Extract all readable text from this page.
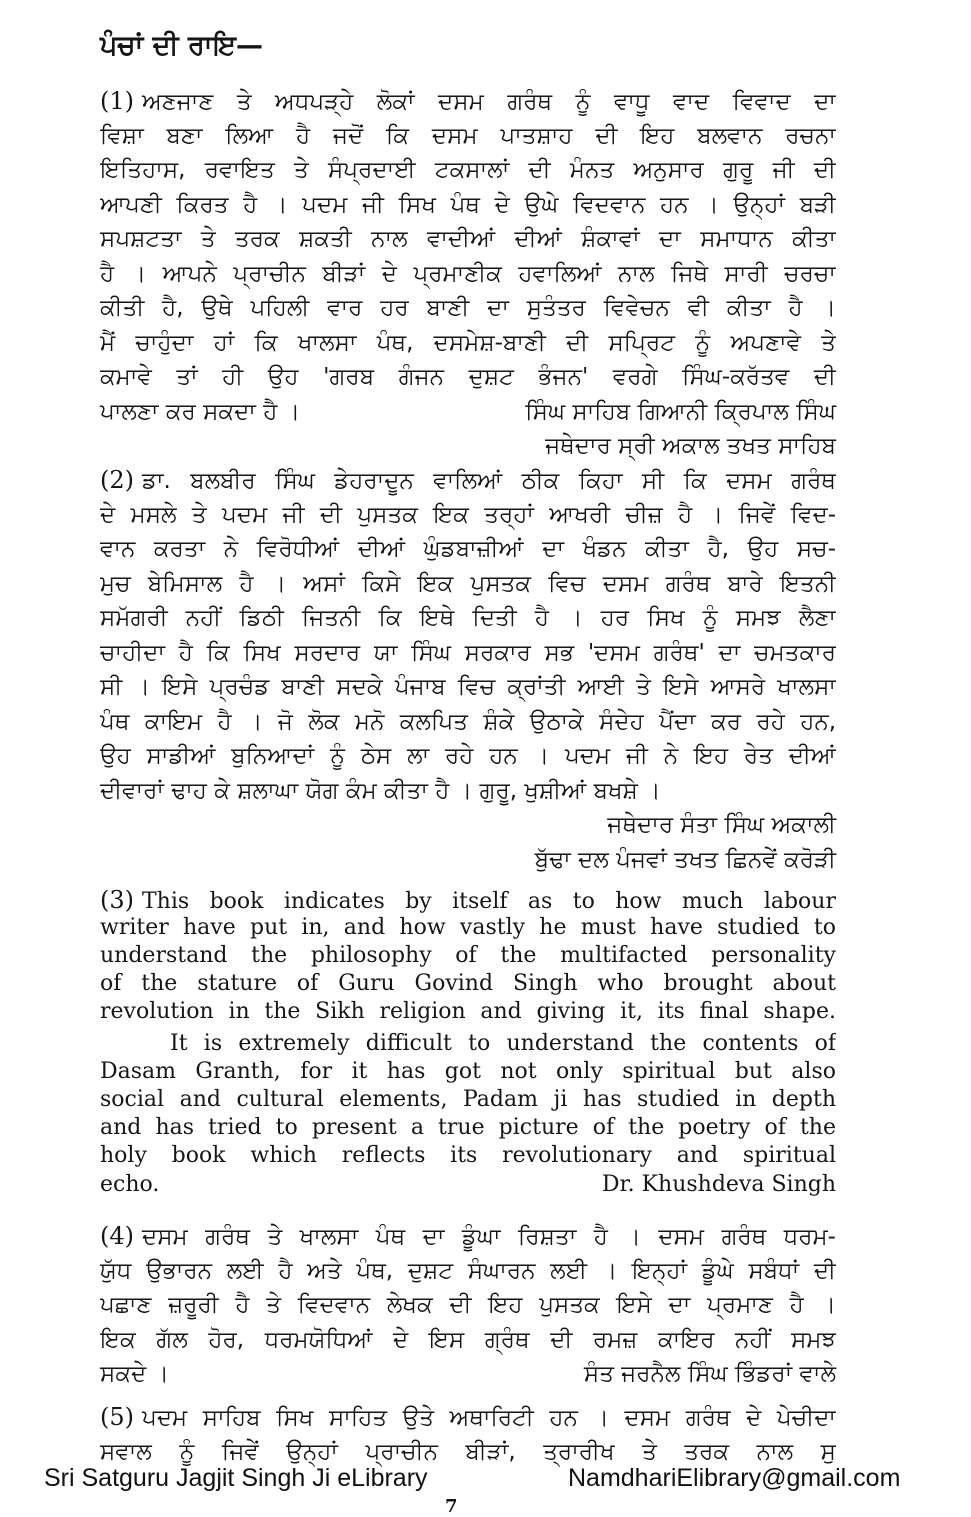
ਪੰਚਾਂ ਦੀ ਰਾਇ—
(1) ਅਣਜਾਣ ਤੇ ਅਧਪੜ੍ਹੇ ਲੋਕਾਂ ਦਸਮ ਗਰੰਥ ਨੂੰ ਵਾਧੂ ਵਾਦ ਵਿਵਾਦ ਦਾ
ਵਿਸ਼ਾ ਬਣਾ ਲਿਆ ਹੈ ਜਦੋਂ ਕਿ ਦਸਮ ਪਾਤਸ਼ਾਹ ਦੀ ਇਹ ਬਲਵਾਨ ਰਚਨਾ
ਇਤਿਹਾਸ, ਰਵਾਇਤ ਤੇ ਸੰਪ੍ਰਦਾਈ ਟਕਸਾਲਾਂ ਦੀ ਮੰਨਤ ਅਨੁਸਾਰ ਗੁਰੂ ਜੀ ਦੀ
ਆਪਣੀ ਕਿਰਤ ਹੈ । ਪਦਮ ਜੀ ਸਿਖ ਪੰਥ ਦੇ ਉਘੇ ਵਿਦਵਾਨ ਹਨ । ਉਨ੍ਹਾਂ ਬੜੀ
ਸਪਸ਼ਟਤਾ ਤੇ ਤਰਕ ਸ਼ਕਤੀ ਨਾਲ ਵਾਦੀਆਂ ਦੀਆਂ ਸ਼ੰਕਾਵਾਂ ਦਾ ਸਮਾਧਾਨ ਕੀਤਾ
ਹੈ । ਆਪਨੇ ਪ੍ਰਾਚੀਨ ਬੀੜਾਂ ਦੇ ਪ੍ਰਮਾਣੀਕ ਹਵਾਲਿਆਂ ਨਾਲ ਜਿਥੇ ਸਾਰੀ ਚਰਚਾ
ਕੀਤੀ ਹੈ, ਉਥੇ ਪਹਿਲੀ ਵਾਰ ਹਰ ਬਾਣੀ ਦਾ ਸੁਤੰਤਰ ਵਿਵੇਚਨ ਵੀ ਕੀਤਾ ਹੈ ।
ਮੈਂ ਚਾਹੁੰਦਾ ਹਾਂ ਕਿ ਖਾਲਸਾ ਪੰਥ, ਦਸਮੇਸ਼-ਬਾਣੀ ਦੀ ਸਪ੍ਰਿਟ ਨੂੰ ਅਪਣਾਵੇ ਤੇ
ਕਮਾਵੇ ਤਾਂ ਹੀ ਉਹ 'ਗਰਬ ਗੰਜਨ ਦੁਸ਼ਟ ਭੰਜਨ' ਵਰਗੇ ਸਿੰਘ-ਕਰੱਤਵ ਦੀ
ਪਾਲਣਾ ਕਰ ਸਕਦਾ ਹੈ ।	ਸਿੰਘ ਸਾਹਿਬ ਗਿਆਨੀ ਕ੍ਰਿਪਾਲ ਸਿੰਘ
ਜਥੇਦਾਰ ਸ੍ਰੀ ਅਕਾਲ ਤਖਤ ਸਾਹਿਬ
(2) ਡਾ. ਬਲਬੀਰ ਸਿੰਘ ਡੇਹਰਾਦੂਨ ਵਾਲਿਆਂ ਠੀਕ ਕਿਹਾ ਸੀ ਕਿ ਦਸਮ ਗਰੰਥ
ਦੇ ਮਸਲੇ ਤੇ ਪਦਮ ਜੀ ਦੀ ਪੁਸਤਕ ਇਕ ਤਰ੍ਹਾਂ ਆਖਰੀ ਚੀਜ਼ ਹੈ । ਜਿਵੇਂ ਵਿਦ-
ਵਾਨ ਕਰਤਾ ਨੇ ਵਿਰੋਧੀਆਂ ਦੀਆਂ ਘੁੰਡਬਾਜ਼ੀਆਂ ਦਾ ਖੰਡਨ ਕੀਤਾ ਹੈ, ਉਹ ਸਚ-
ਮੁਚ ਬੇਮਿਸਾਲ ਹੈ । ਅਸਾਂ ਕਿਸੇ ਇਕ ਪੁਸਤਕ ਵਿਚ ਦਸਮ ਗਰੰਥ ਬਾਰੇ ਇਤਨੀ
ਸਮੱਗਰੀ ਨਹੀਂ ਡਿਠੀ ਜਿਤਨੀ ਕਿ ਇਥੇ ਦਿਤੀ ਹੈ । ਹਰ ਸਿਖ ਨੂੰ ਸਮਝ ਲੈਣਾ
ਚਾਹੀਦਾ ਹੈ ਕਿ ਸਿਖ ਸਰਦਾਰ ਯਾ ਸਿੰਘ ਸਰਕਾਰ ਸਭ 'ਦਸਮ ਗਰੰਥ' ਦਾ ਚਮਤਕਾਰ
ਸੀ । ਇਸੇ ਪ੍ਰਚੰਡ ਬਾਣੀ ਸਦਕੇ ਪੰਜਾਬ ਵਿਚ ਕ੍ਰਾਂਤੀ ਆਈ ਤੇ ਇਸੇ ਆਸਰੇ ਖਾਲਸਾ
ਪੰਥ ਕਾਇਮ ਹੈ । ਜੋ ਲੋਕ ਮਨੋ ਕਲਪਿਤ ਸ਼ੰਕੇ ਉਠਾਕੇ ਸੰਦੇਹ ਪੈਂਦਾ ਕਰ ਰਹੇ ਹਨ,
ਉਹ ਸਾਡੀਆਂ ਬੁਨਿਆਦਾਂ ਨੂੰ ਠੇਸ ਲਾ ਰਹੇ ਹਨ । ਪਦਮ ਜੀ ਨੇ ਇਹ ਰੇਤ ਦੀਆਂ
ਦੀਵਾਰਾਂ ਢਾਹ ਕੇ ਸ਼ਲਾਘਾ ਯੋਗ ਕੰਮ ਕੀਤਾ ਹੈ । ਗੁਰੂ, ਖੁਸ਼ੀਆਂ ਬਖਸ਼ੇ ।
ਜਥੇਦਾਰ ਸੰਤਾ ਸਿੰਘ ਅਕਾਲੀ
ਬੁੱਢਾ ਦਲ ਪੰਜਵਾਂ ਤਖਤ ਛਿਨਵੇਂ ਕਰੋੜੀ
(3) This book indicates by itself as to how much labour
writer have put in, and how vastly he must have studied to
understand the philosophy of the multifacted personality
of the stature of Guru Govind Singh who brought about
revolution in the Sikh religion and giving it, its final shape.
It is extremely difficult to understand the contents of
Dasam Granth, for it has got not only spiritual but also
social and cultural elements, Padam ji has studied in depth
and has tried to present a true picture of the poetry of the
holy book which reflects its revolutionary and spiritual
echo.	Dr. Khushdeva Singh
(4) ਦਸਮ ਗਰੰਥ ਤੇ ਖਾਲਸਾ ਪੰਥ ਦਾ ਡੂੰਘਾ ਰਿਸ਼ਤਾ ਹੈ । ਦਸਮ ਗਰੰਥ ਧਰਮ-
ਯੁੱਧ ਉਭਾਰਨ ਲਈ ਹੈ ਅਤੇ ਪੰਥ, ਦੁਸ਼ਟ ਸੰਘਾਰਨ ਲਈ । ਇਨ੍ਹਾਂ ਡੂੰਘੇ ਸਬੰਧਾਂ ਦੀ
ਪਛਾਣ ਜ਼ਰੂਰੀ ਹੈ ਤੇ ਵਿਦਵਾਨ ਲੇਖਕ ਦੀ ਇਹ ਪੁਸਤਕ ਇਸੇ ਦਾ ਪ੍ਰਮਾਣ ਹੈ ।
ਇਕ ਗੱਲ ਹੋਰ, ਧਰਮਯੋਧਿਆਂ ਦੇ ਇਸ ਗ੍ਰੰਥ ਦੀ ਰਮਜ਼ ਕਾਇਰ ਨਹੀਂ ਸਮਝ
ਸਕਦੇ ।	ਸੰਤ ਜਰਨੈਲ ਸਿੰਘ ਭਿੰਡਰਾਂ ਵਾਲੇ
(5) ਪਦਮ ਸਾਹਿਬ ਸਿਖ ਸਾਹਿਤ ਉਤੇ ਅਥਾਰਿਟੀ ਹਨ । ਦਸਮ ਗਰੰਥ ਦੇ ਪੇਚੀਦਾ
ਸਵਾਲ ਨੂੰ ਜਿਵੇਂ ਉਨ੍ਹਾਂ ਪ੍ਰਾਚੀਨ ਬੀੜਾਂ, ਤ੍ਰਾਰੀਖ ਤੇ ਤਰਕ ਨਾਲ ਸੁ
Sri Satguru Jagjit Singh Ji eLibrary	NamdhariElibrary@gmail.com
7
